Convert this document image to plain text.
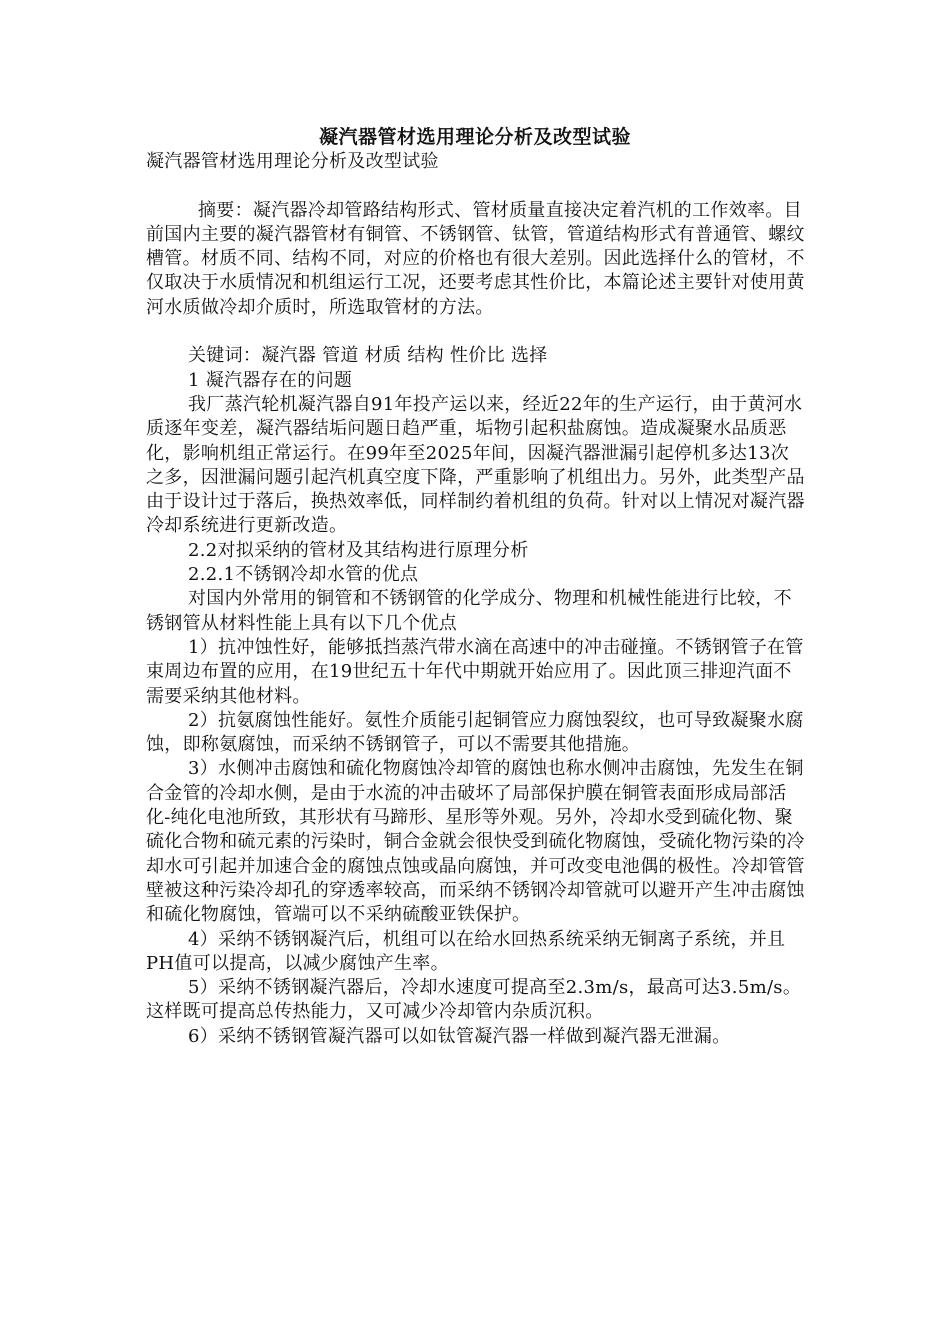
凝汽器管材选用理论分析及改型试验

凝汽器管材选用理论分析及改型试验

摘要：凝汽器冷却管路结构形式、管材质量直接决定着汽机的工作效率。目前国内主要的凝汽器管材有铜管、不锈钢管、钛管，管道结构形式有普通管、螺纹槽管。材质不同、结构不同，对应的价格也有很大差别。因此选择什么的管材，不仅取决于水质情况和机组运行工况，还要考虑其性价比，本篇论述主要针对使用黄河水质做冷却介质时，所选取管材的方法。

关键词：凝汽器 管道 材质 结构 性价比 选择

1 凝汽器存在的问题

我厂蒸汽轮机凝汽器自91年投产运以来，经近22年的生产运行，由于黄河水质逐年变差，凝汽器结垢问题日趋严重，垢物引起积盐腐蚀。造成凝聚水品质恶化，影响机组正常运行。在99年至2025年间，因凝汽器泄漏引起停机多达13次之多，因泄漏问题引起汽机真空度下降，严重影响了机组出力。另外，此类型产品由于设计过于落后，换热效率低，同样制约着机组的负荷。针对以上情况对凝汽器冷却系统进行更新改造。

2.2对拟采纳的管材及其结构进行原理分析

2.2.1不锈钢冷却水管的优点

对国内外常用的铜管和不锈钢管的化学成分、物理和机械性能进行比较，不锈钢管从材料性能上具有以下几个优点

1）抗冲蚀性好，能够抵挡蒸汽带水滴在高速中的冲击碰撞。不锈钢管子在管束周边布置的应用，在19世纪五十年代中期就开始应用了。因此顶三排迎汽面不需要采纳其他材料。

2）抗氨腐蚀性能好。氨性介质能引起铜管应力腐蚀裂纹，也可导致凝聚水腐蚀，即称氨腐蚀，而采纳不锈钢管子，可以不需要其他措施。

3）水侧冲击腐蚀和硫化物腐蚀冷却管的腐蚀也称水侧冲击腐蚀，先发生在铜合金管的冷却水侧，是由于水流的冲击破坏了局部保护膜在铜管表面形成局部活化-纯化电池所致，其形状有马蹄形、星形等外观。另外，冷却水受到硫化物、聚硫化合物和硫元素的污染时，铜合金就会很快受到硫化物腐蚀，受硫化物污染的冷却水可引起并加速合金的腐蚀点蚀或晶向腐蚀，并可改变电池偶的极性。冷却管管壁被这种污染冷却孔的穿透率较高，而采纳不锈钢冷却管就可以避开产生冲击腐蚀和硫化物腐蚀，管端可以不采纳硫酸亚铁保护。

4）采纳不锈钢凝汽后，机组可以在给水回热系统采纳无铜离子系统，并且PH值可以提高，以减少腐蚀产生率。

5）采纳不锈钢凝汽器后，冷却水速度可提高至2.3m/s，最高可达3.5m/s。这样既可提高总传热能力，又可减少冷却管内杂质沉积。

6）采纳不锈钢管凝汽器可以如钛管凝汽器一样做到凝汽器无泄漏。
